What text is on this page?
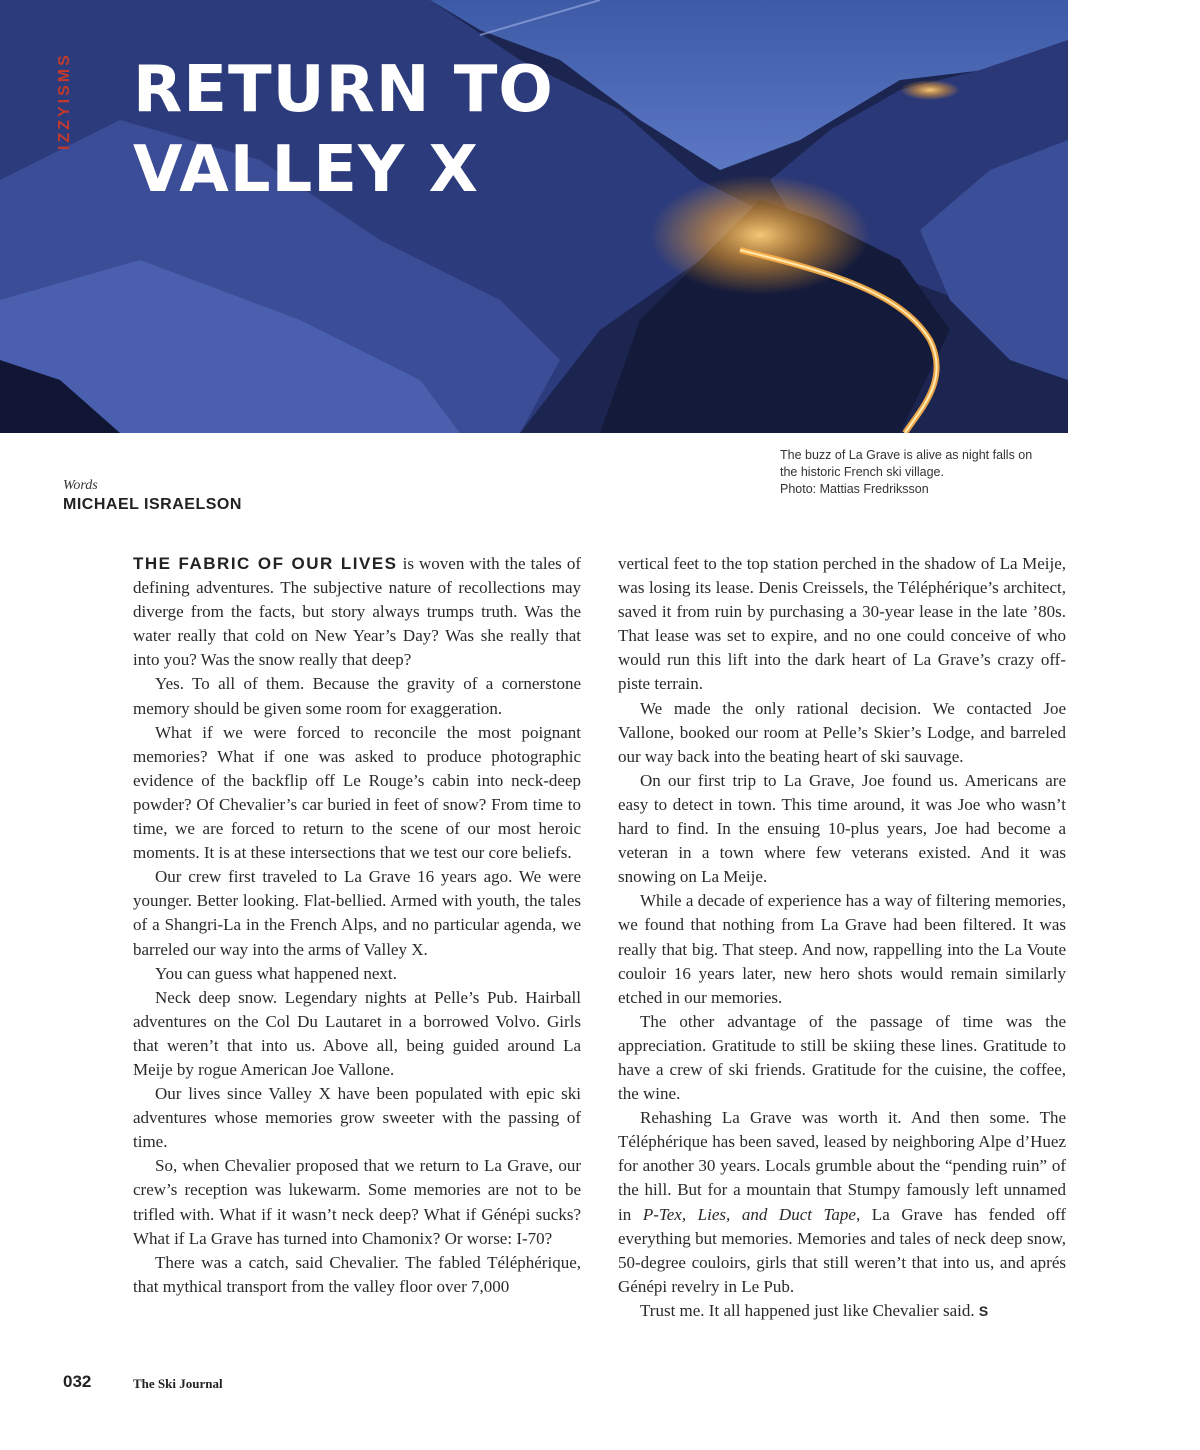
IZZYISMS RETURN TO
VALLEY X
The buzz of La Grave is alive as night falls on
the historic French ski village.
Photo: Mattias Fredriksson
Words
MICHAEL ISRAELSON

THE FABRIC OF OUR LIVES is woven with the tales of defining adventures. The subjective nature of recollections may diverge from the facts, but story always trumps truth. Was the water really that cold on New Year’s Day? Was she really that into you? Was the snow really that deep?

Yes. To all of them. Because the gravity of a cornerstone memory should be given some room for exaggeration.

What if we were forced to reconcile the most poignant memories? What if one was asked to produce photographic evidence of the backflip off Le Rouge’s cabin into neck-deep powder? Of Chevalier’s car buried in feet of snow? From time to time, we are forced to return to the scene of our most heroic moments. It is at these intersections that we test our core beliefs.

Our crew first traveled to La Grave 16 years ago. We were younger. Better looking. Flat-bellied. Armed with youth, the tales of a Shangri-La in the French Alps, and no particular agenda, we barreled our way into the arms of Valley X.

You can guess what happened next.

Neck deep snow. Legendary nights at Pelle’s Pub. Hairball adventures on the Col Du Lautaret in a borrowed Volvo. Girls that weren’t that into us. Above all, being guided around La Meije by rogue American Joe Vallone.

Our lives since Valley X have been populated with epic ski adventures whose memories grow sweeter with the passing of time.

So, when Chevalier proposed that we return to La Grave, our crew’s reception was lukewarm. Some memories are not to be trifled with. What if it wasn’t neck deep? What if Génépi sucks? What if La Grave has turned into Chamonix? Or worse: I-70?

There was a catch, said Chevalier. The fabled Téléphérique, that mythical transport from the valley floor over 7,000

vertical feet to the top station perched in the shadow of La Meije, was losing its lease. Denis Creissels, the Téléphérique’s architect, saved it from ruin by purchasing a 30-year lease in the late ’80s. That lease was set to expire, and no one could conceive of who would run this lift into the dark heart of La Grave’s crazy off-piste terrain.

We made the only rational decision. We contacted Joe Vallone, booked our room at Pelle’s Skier’s Lodge, and barreled our way back into the beating heart of ski sauvage.

On our first trip to La Grave, Joe found us. Americans are easy to detect in town. This time around, it was Joe who wasn’t hard to find. In the ensuing 10-plus years, Joe had become a veteran in a town where few veterans existed. And it was snowing on La Meije.

While a decade of experience has a way of filtering memories, we found that nothing from La Grave had been filtered. It was really that big. That steep. And now, rappelling into the La Voute couloir 16 years later, new hero shots would remain similarly etched in our memories.

The other advantage of the passage of time was the appreciation. Gratitude to still be skiing these lines. Gratitude to have a crew of ski friends. Gratitude for the cuisine, the coffee, the wine.

Rehashing La Grave was worth it. And then some. The Téléphérique has been saved, leased by neighboring Alpe d’Huez for another 30 years. Locals grumble about the “pending ruin” of the hill. But for a mountain that Stumpy famously left unnamed in P-Tex, Lies, and Duct Tape, La Grave has fended off everything but memories. Memories and tales of neck deep snow, 50-degree couloirs, girls that still weren’t that into us, and aprés Génépi revelry in Le Pub.

Trust me. It all happened just like Chevalier said. S

032	The Ski Journal
